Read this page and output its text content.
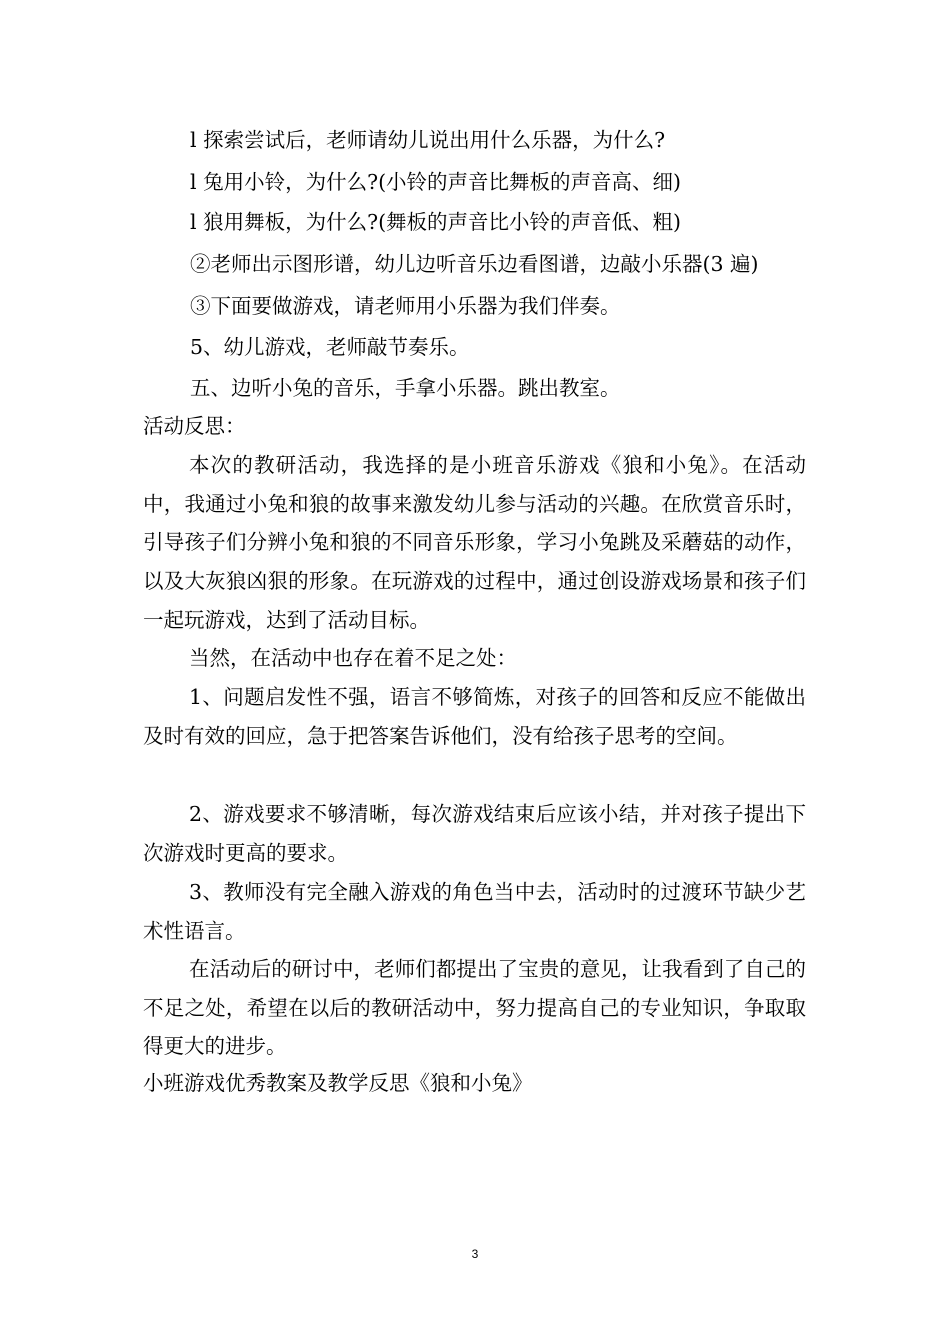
l 探索尝试后，老师请幼儿说出用什么乐器，为什么?
l 兔用小铃，为什么?(小铃的声音比舞板的声音高、细)
l 狼用舞板，为什么?(舞板的声音比小铃的声音低、粗)
②老师出示图形谱，幼儿边听音乐边看图谱，边敲小乐器(3 遍)
③下面要做游戏，请老师用小乐器为我们伴奏。
5、幼儿游戏，老师敲节奏乐。
五、边听小兔的音乐，手拿小乐器。跳出教室。
活动反思：
本次的教研活动，我选择的是小班音乐游戏《狼和小兔》。在活动中，我通过小兔和狼的故事来激发幼儿参与活动的兴趣。在欣赏音乐时，引导孩子们分辨小兔和狼的不同音乐形象，学习小兔跳及采蘑菇的动作，以及大灰狼凶狠的形象。在玩游戏的过程中，通过创设游戏场景和孩子们一起玩游戏，达到了活动目标。
当然，在活动中也存在着不足之处：
1、问题启发性不强，语言不够简炼，对孩子的回答和反应不能做出及时有效的回应，急于把答案告诉他们，没有给孩子思考的空间。
2、游戏要求不够清晰，每次游戏结束后应该小结，并对孩子提出下次游戏时更高的要求。
3、教师没有完全融入游戏的角色当中去，活动时的过渡环节缺少艺术性语言。
在活动后的研讨中，老师们都提出了宝贵的意见，让我看到了自己的不足之处，希望在以后的教研活动中，努力提高自己的专业知识，争取取得更大的进步。
小班游戏优秀教案及教学反思《狼和小兔》
3
